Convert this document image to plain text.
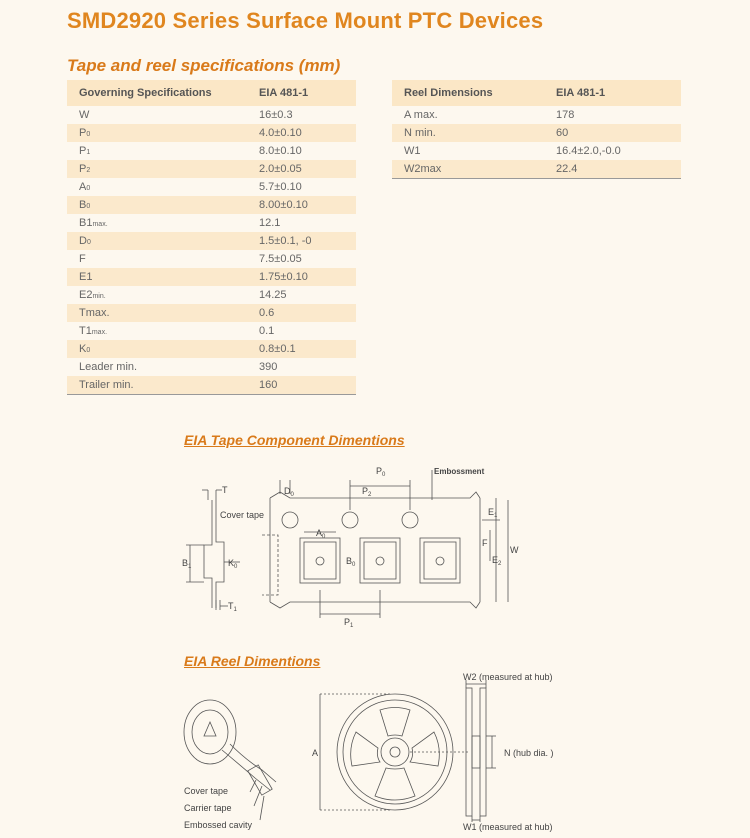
SMD2920 Series Surface Mount PTC Devices
Tape and reel specifications (mm)
Governing Specifications	EIA 481-1
W	16±0.3
P0	4.0±0.10
P1	8.0±0.10
P2	2.0±0.05
A0	5.7±0.10
B0	8.00±0.10
B1max.	12.1
D0	1.5±0.1, -0
F	7.5±0.05
E1	1.75±0.10
E2min.	14.25
Tmax.	0.6
T1max.	0.1
K0	0.8±0.1
Leader min.	390
Trailer min.	160
Reel Dimensions	EIA 481-1
A max.	178
N min.	60
W1	16.4±2.0,-0.0
W2max	22.4
EIA Tape Component Dimentions
T
$T_1$
Cover tape
$B_1$	$K_0$
$D_0$
$P_0$
$P_2$
$P_1$
$A_0$
$B_0$
Embossment
$E_1$
F
$E_2$
W
EIA Reel Dimentions
A
W2 (measured at hub)
N (hub dia. )
W1 (measured at hub)
Cover tape
Carrier tape
Embossed cavity
